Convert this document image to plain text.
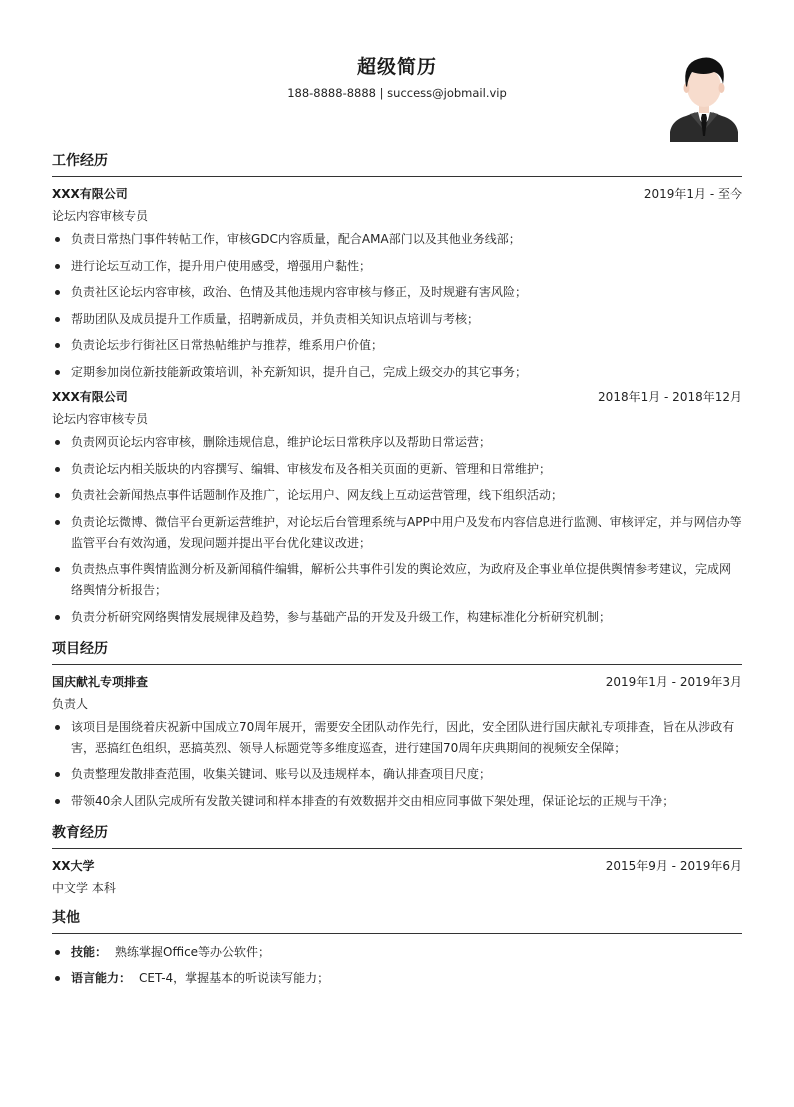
超级简历
188-8888-8888 | success@jobmail.vip
工作经历
XXX有限公司	2019年1月 - 至今
论坛内容审核专员
负责日常热门事件转帖工作，审核GDC内容质量，配合AMA部门以及其他业务线部；
进行论坛互动工作，提升用户使用感受，增强用户黏性；
负责社区论坛内容审核，政治、色情及其他违规内容审核与修正，及时规避有害风险；
帮助团队及成员提升工作质量，招聘新成员，并负责相关知识点培训与考核；
负责论坛步行街社区日常热帖维护与推荐，维系用户价值；
定期参加岗位新技能新政策培训，补充新知识，提升自己，完成上级交办的其它事务；
XXX有限公司	2018年1月 - 2018年12月
论坛内容审核专员
负责网页论坛内容审核，删除违规信息，维护论坛日常秩序以及帮助日常运营；
负责论坛内相关版块的内容撰写、编辑、审核发布及各相关页面的更新、管理和日常维护；
负责社会新闻热点事件话题制作及推广，论坛用户、网友线上互动运营管理，线下组织活动；
负责论坛微博、微信平台更新运营维护，对论坛后台管理系统与APP中用户及发布内容信息进行监测、审核评定，并与网信办等监管平台有效沟通，发现问题并提出平台优化建议改进；
负责热点事件舆情监测分析及新闻稿件编辑，解析公共事件引发的舆论效应，为政府及企事业单位提供舆情参考建议，完成网络舆情分析报告；
负责分析研究网络舆情发展规律及趋势，参与基础产品的开发及升级工作，构建标准化分析研究机制；
项目经历
国庆献礼专项排查	2019年1月 - 2019年3月
负责人
该项目是围绕着庆祝新中国成立70周年展开，需要安全团队动作先行，因此，安全团队进行国庆献礼专项排查，旨在从涉政有害，恶搞红色组织，恶搞英烈、领导人标题党等多维度巡查，进行建国70周年庆典期间的视频安全保障；
负责整理发散排查范围，收集关键词、账号以及违规样本，确认排查项目尺度；
带领40余人团队完成所有发散关键词和样本排查的有效数据并交由相应同事做下架处理，保证论坛的正规与干净；
教育经历
XX大学	2015年9月 - 2019年6月
中文学 本科
其他
技能： 熟练掌握Office等办公软件；
语言能力： CET-4，掌握基本的听说读写能力；
